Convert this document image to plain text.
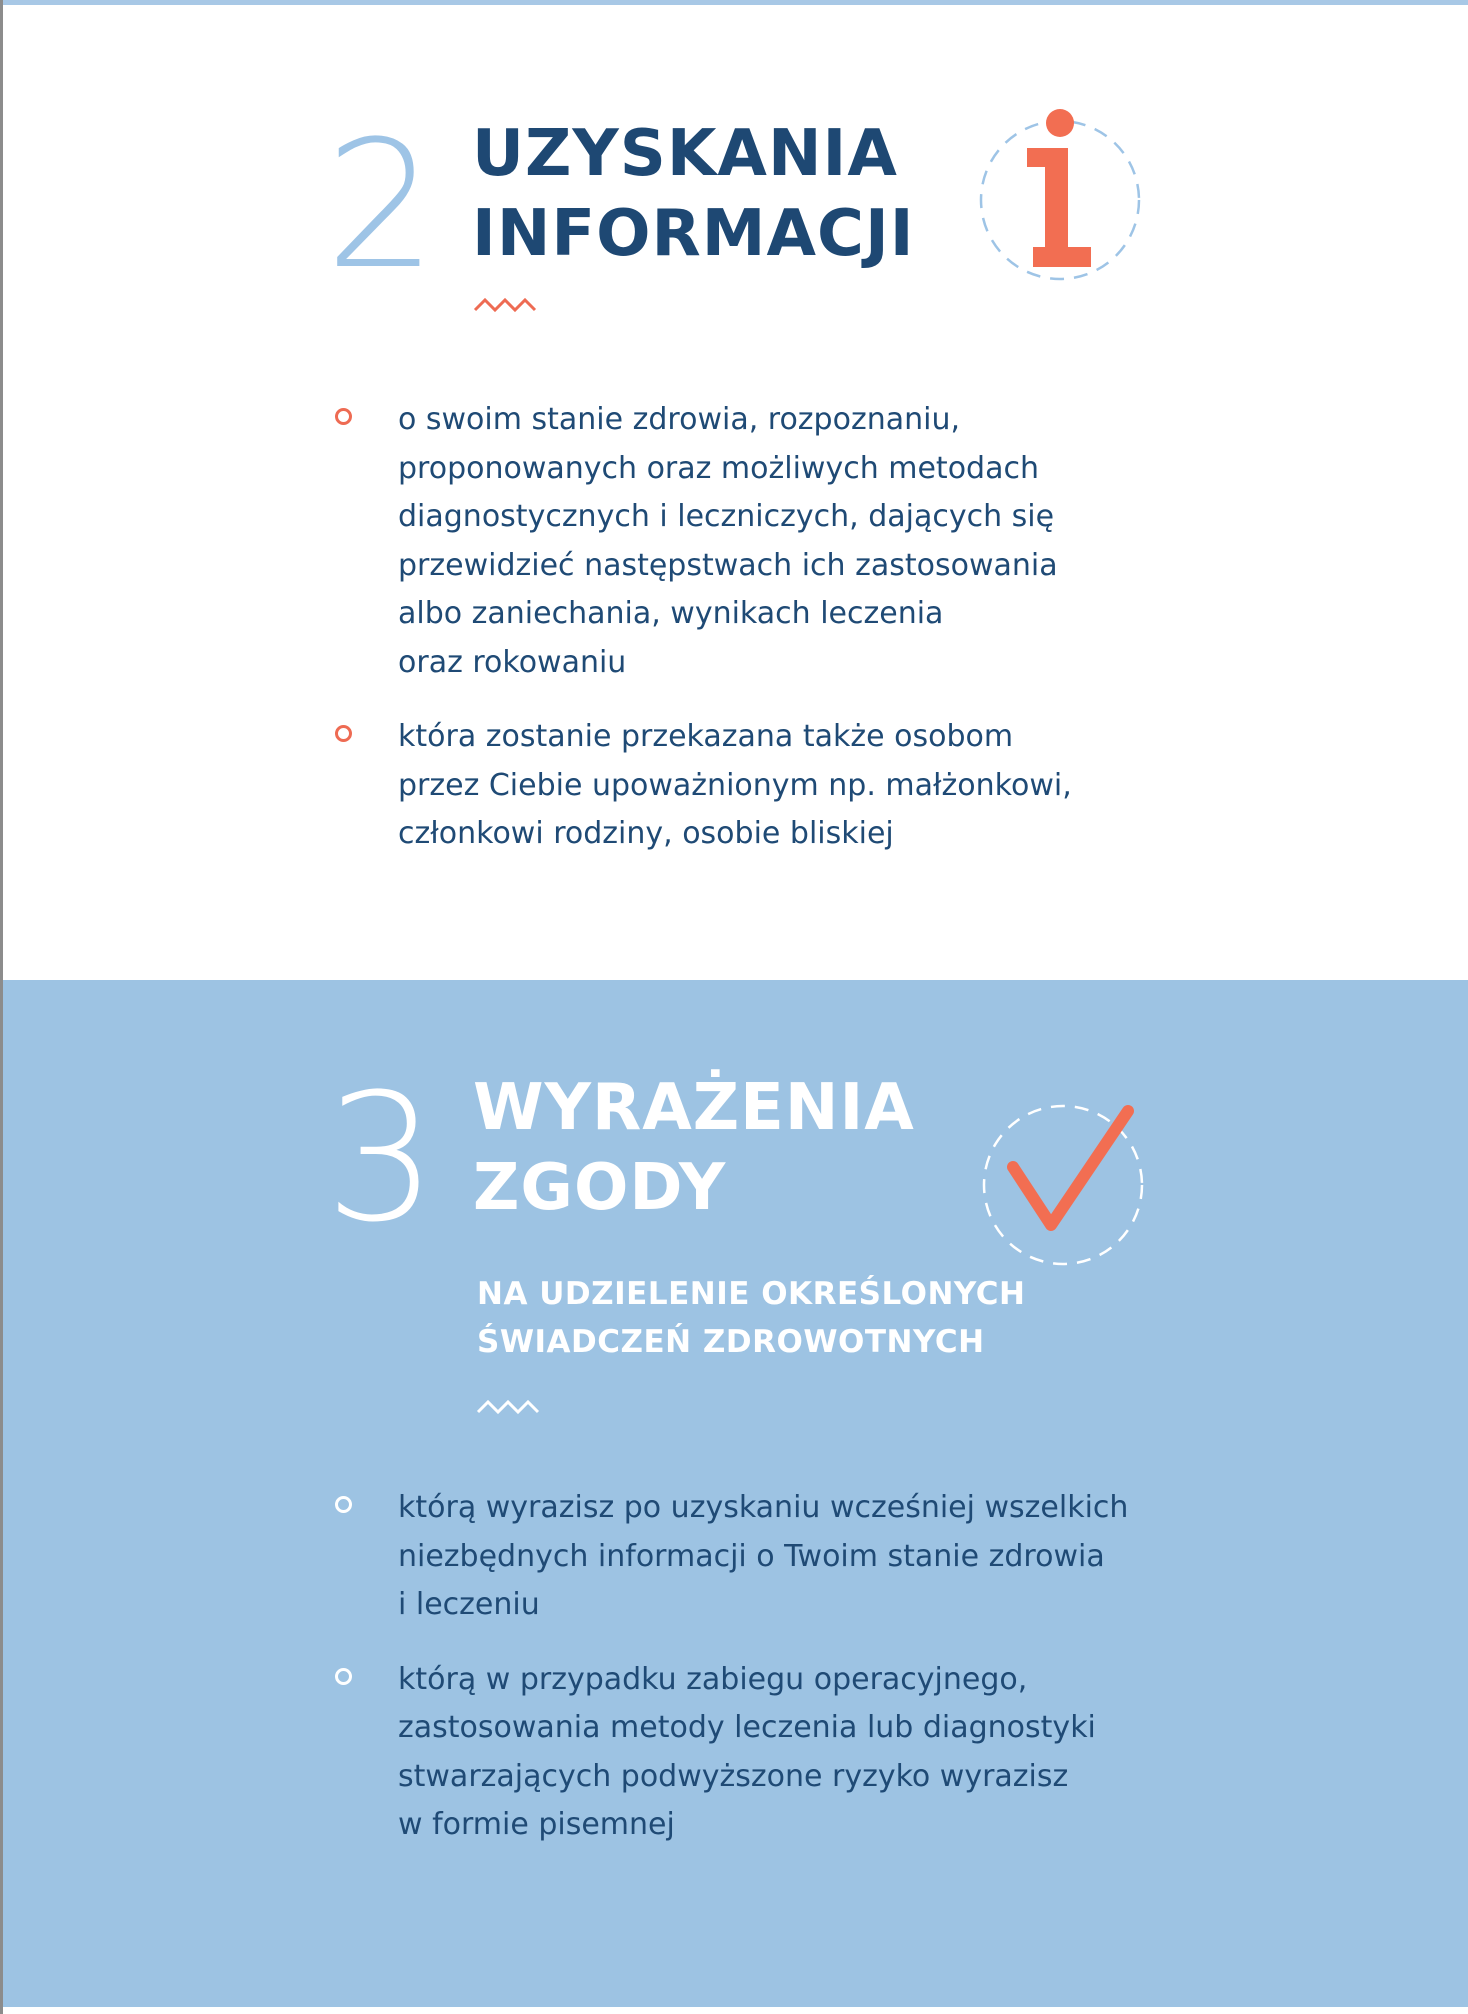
2 UZYSKANIA
INFORMACJI
o swoim stanie zdrowia, rozpoznaniu,
proponowanych oraz możliwych metodach
diagnostycznych i leczniczych, dających się
przewidzieć następstwach ich zastosowania
albo zaniechania, wynikach leczenia
oraz rokowaniu
która zostanie przekazana także osobom
przez Ciebie upoważnionym np. małżonkowi,
członkowi rodziny, osobie bliskiej
3 WYRAŻENIA
ZGODY
NA UDZIELENIE OKREŚLONYCH
ŚWIADCZEŃ ZDROWOTNYCH
którą wyrazisz po uzyskaniu wcześniej wszelkich
niezbędnych informacji o Twoim stanie zdrowia
i leczeniu
którą w przypadku zabiegu operacyjnego,
zastosowania metody leczenia lub diagnostyki
stwarzających podwyższone ryzyko wyrazisz
w formie pisemnej
